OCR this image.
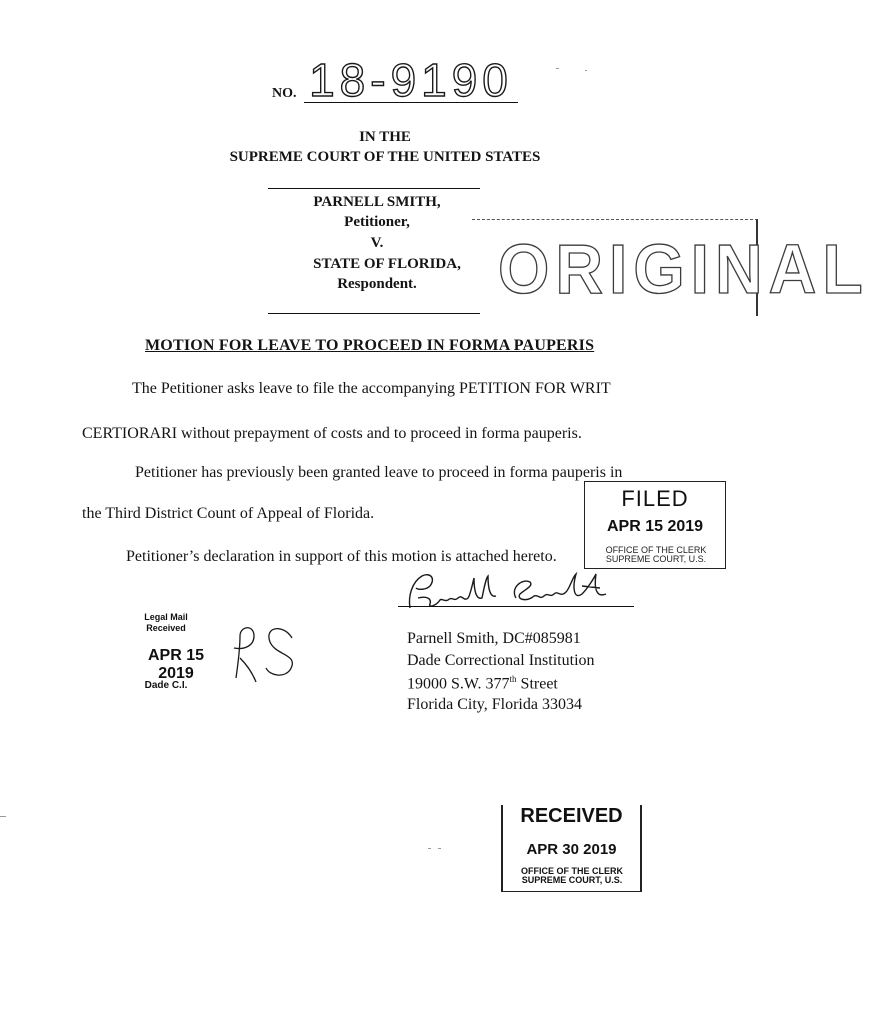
NO. 18-9190
IN THE
SUPREME COURT OF THE UNITED STATES
PARNELL SMITH,
Petitioner,
V.
STATE OF FLORIDA,
Respondent.	ORIGINAL
MOTION FOR LEAVE TO PROCEED IN FORMA PAUPERIS
The Petitioner asks leave to file the accompanying PETITION FOR WRIT
CERTIORARI without prepayment of costs and to proceed in forma pauperis.
Petitioner has previously been granted leave to proceed in forma pauperis in
the Third District Count of Appeal of Florida.
Petitioner’s declaration in support of this motion is attached hereto.
FILED
APR 15 2019
OFFICE OF THE CLERK
SUPREME COURT, U.S.
Parnell Smith, DC#085981
Dade Correctional Institution
19000 S.W. 377th Street
Florida City, Florida 33034
Legal Mail
Received
APR 15 2019
Dade C.I.
RECEIVED
APR 30 2019
OFFICE OF THE CLERK
SUPREME COURT, U.S.
